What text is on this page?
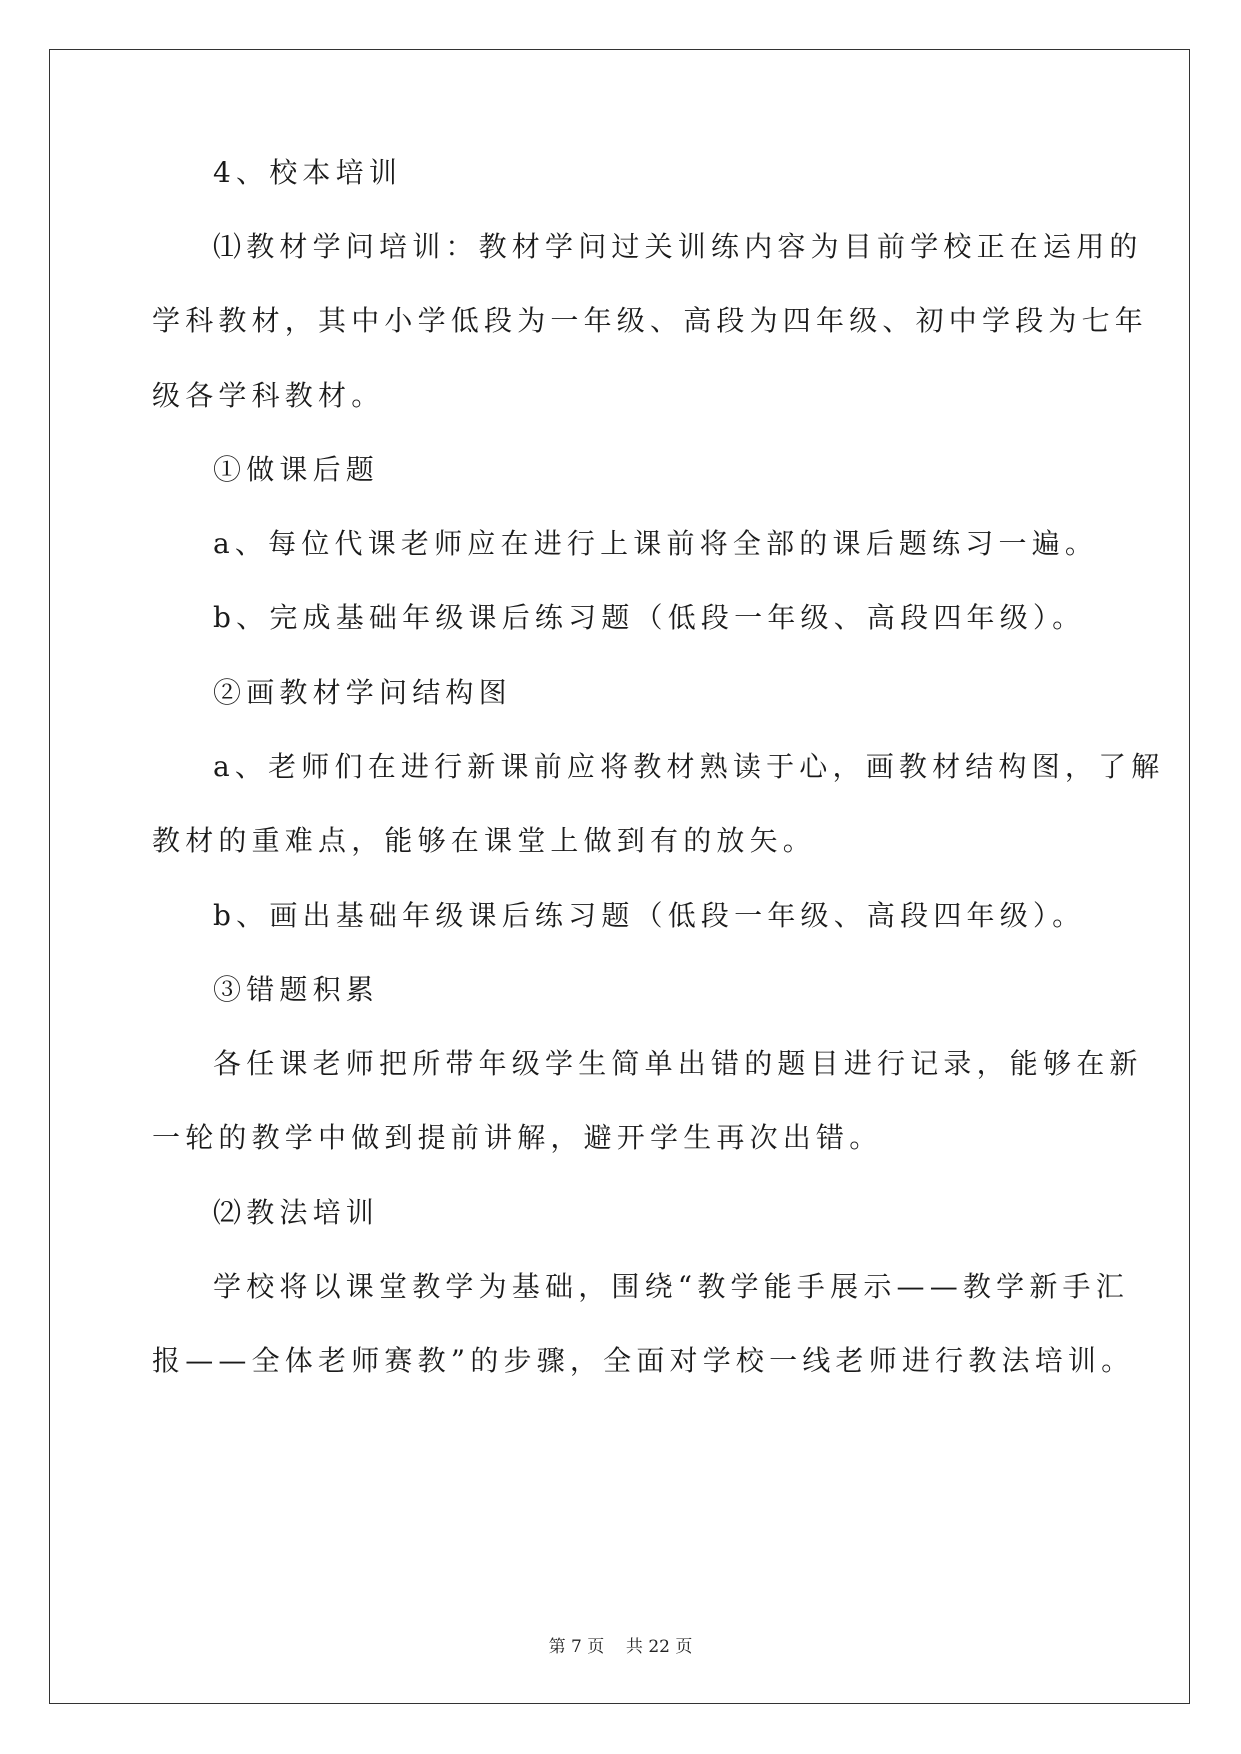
4、校本培训
⑴教材学问培训：教材学问过关训练内容为目前学校正在运用的
学科教材，其中小学低段为一年级、高段为四年级、初中学段为七年
级各学科教材。
①做课后题
a、每位代课老师应在进行上课前将全部的课后题练习一遍。
b、完成基础年级课后练习题（低段一年级、高段四年级）。
②画教材学问结构图
a、老师们在进行新课前应将教材熟读于心，画教材结构图，了解
教材的重难点，能够在课堂上做到有的放矢。
b、画出基础年级课后练习题（低段一年级、高段四年级）。
③错题积累
各任课老师把所带年级学生简单出错的题目进行记录，能够在新
一轮的教学中做到提前讲解，避开学生再次出错。
⑵教法培训
学校将以课堂教学为基础，围绕“教学能手展示——教学新手汇
报——全体老师赛教”的步骤，全面对学校一线老师进行教法培训。
第 7 页 共 22 页
